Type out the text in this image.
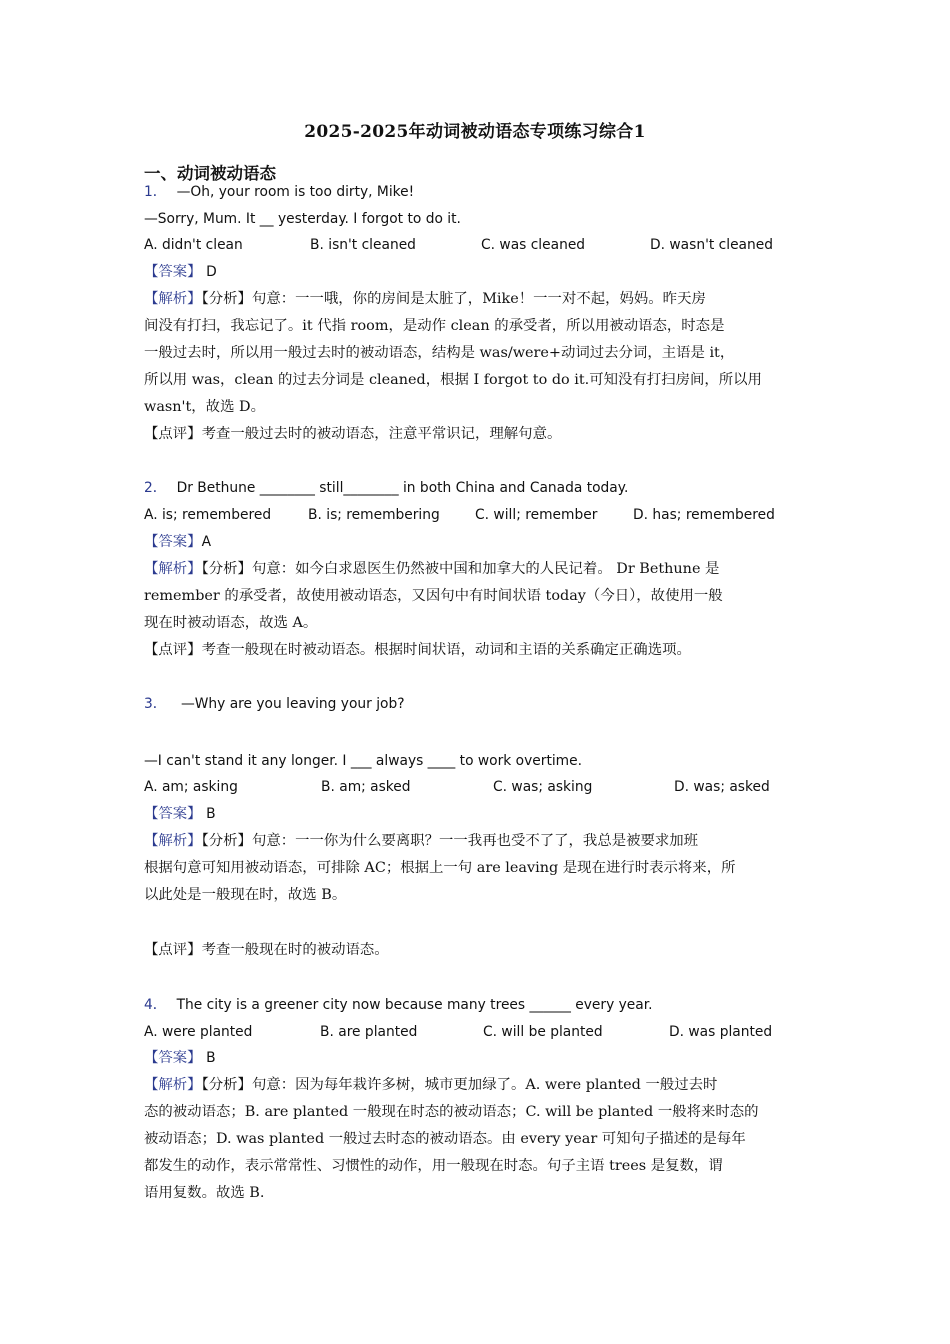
2025-2025年动词被动语态专项练习综合1
一、动词被动语态
1． —Oh, your room is too dirty, Mike!
—Sorry, Mum. It __ yesterday. I forgot to do it.
A. didn't clean	B. isn't cleaned	C. was cleaned	D. wasn't cleaned
【答案】 D
【解析】【分析】句意：一一哦，你的房间是太脏了，Mike！一一对不起，妈妈。昨天房
间没有打扫，我忘记了。it 代指 room，是动作 clean 的承受者，所以用被动语态，时态是
一般过去时，所以用一般过去时的被动语态，结构是 was/were+动词过去分词，主语是 it，
所以用 was，clean 的过去分词是 cleaned，根据 I forgot to do it.可知没有打扫房间，所以用
wasn't，故选 D。
【点评】考查一般过去时的被动语态，注意平常识记，理解句意。
2． Dr Bethune ________ still________ in both China and Canada today.
A. is; remembered	B. is; remembering	C. will; remember	D. has; remembered
【答案】A
【解析】【分析】句意：如今白求恩医生仍然被中国和加拿大的人民记着。 Dr Bethune 是
remember 的承受者，故使用被动语态，又因句中有时间状语 today（今日），故使用一般
现在时被动语态，故选 A。
【点评】考查一般现在时被动语态。根据时间状语，动词和主语的关系确定正确选项。
3． —Why are you leaving your job?
—I can't stand it any longer. I ___ always ____ to work overtime.
A. am; asking	B. am; asked	C. was; asking	D. was; asked
【答案】 B
【解析】【分析】句意：一一你为什么要离职？一一我再也受不了了，我总是被要求加班
根据句意可知用被动语态，可排除 AC；根据上一句 are leaving 是现在进行时表示将来，所
以此处是一般现在时，故选 B。
【点评】考查一般现在时的被动语态。
4． The city is a greener city now because many trees ______ every year.
A. were planted	B. are planted	C. will be planted	D. was planted
【答案】 B
【解析】【分析】句意：因为每年栽许多树，城市更加绿了。A. were planted 一般过去时
态的被动语态；B. are planted 一般现在时态的被动语态；C. will be planted 一般将来时态的
被动语态；D. was planted 一般过去时态的被动语态。由 every year 可知句子描述的是每年
都发生的动作，表示常常性、习惯性的动作，用一般现在时态。句子主语 trees 是复数，谓
语用复数。故选 B.
